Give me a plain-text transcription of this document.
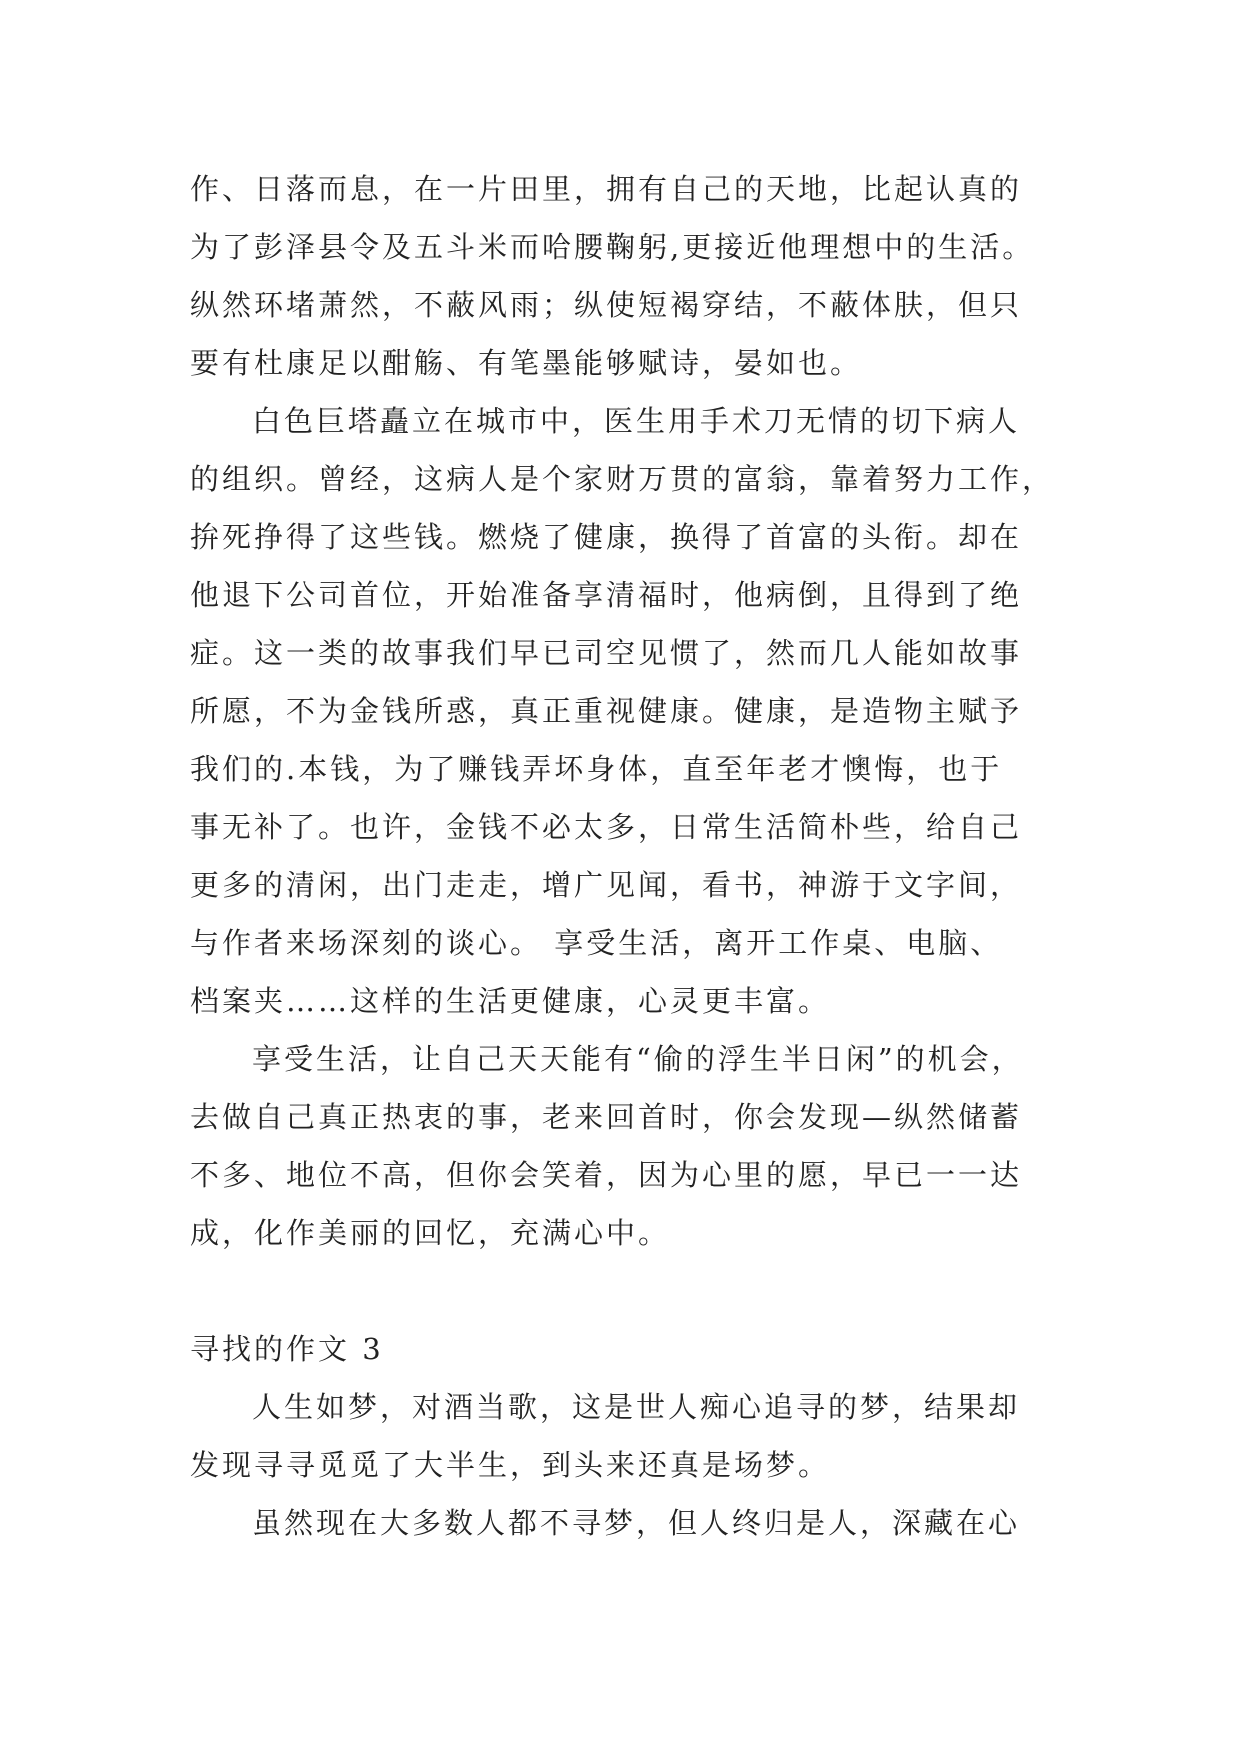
作、日落而息，在一片田里，拥有自己的天地，比起认真的
为了彭泽县令及五斗米而哈腰鞠躬,更接近他理想中的生活。
纵然环堵萧然，不蔽风雨；纵使短褐穿结，不蔽体肤，但只
要有杜康足以酣觞、有笔墨能够赋诗，晏如也。
白色巨塔矗立在城市中，医生用手术刀无情的切下病人
的组织。曾经，这病人是个家财万贯的富翁，靠着努力工作，
拚死挣得了这些钱。燃烧了健康，换得了首富的头衔。却在
他退下公司首位，开始准备享清福时，他病倒，且得到了绝
症。这一类的故事我们早已司空见惯了，然而几人能如故事
所愿，不为金钱所惑，真正重视健康。健康，是造物主赋予
我们的.本钱，为了赚钱弄坏身体，直至年老才懊悔，也于
事无补了。也许，金钱不必太多，日常生活简朴些，给自己
更多的清闲，出门走走，增广见闻，看书，神游于文字间，
与作者来场深刻的谈心。 享受生活，离开工作桌、电脑、
档案夹……这样的生活更健康，心灵更丰富。
享受生活，让自己天天能有“偷的浮生半日闲”的机会，
去做自己真正热衷的事，老来回首时，你会发现—纵然储蓄
不多、地位不高，但你会笑着，因为心里的愿，早已一一达
成，化作美丽的回忆，充满心中。
寻找的作文 3
人生如梦，对酒当歌，这是世人痴心追寻的梦，结果却
发现寻寻觅觅了大半生，到头来还真是场梦。
虽然现在大多数人都不寻梦，但人终归是人，深藏在心
